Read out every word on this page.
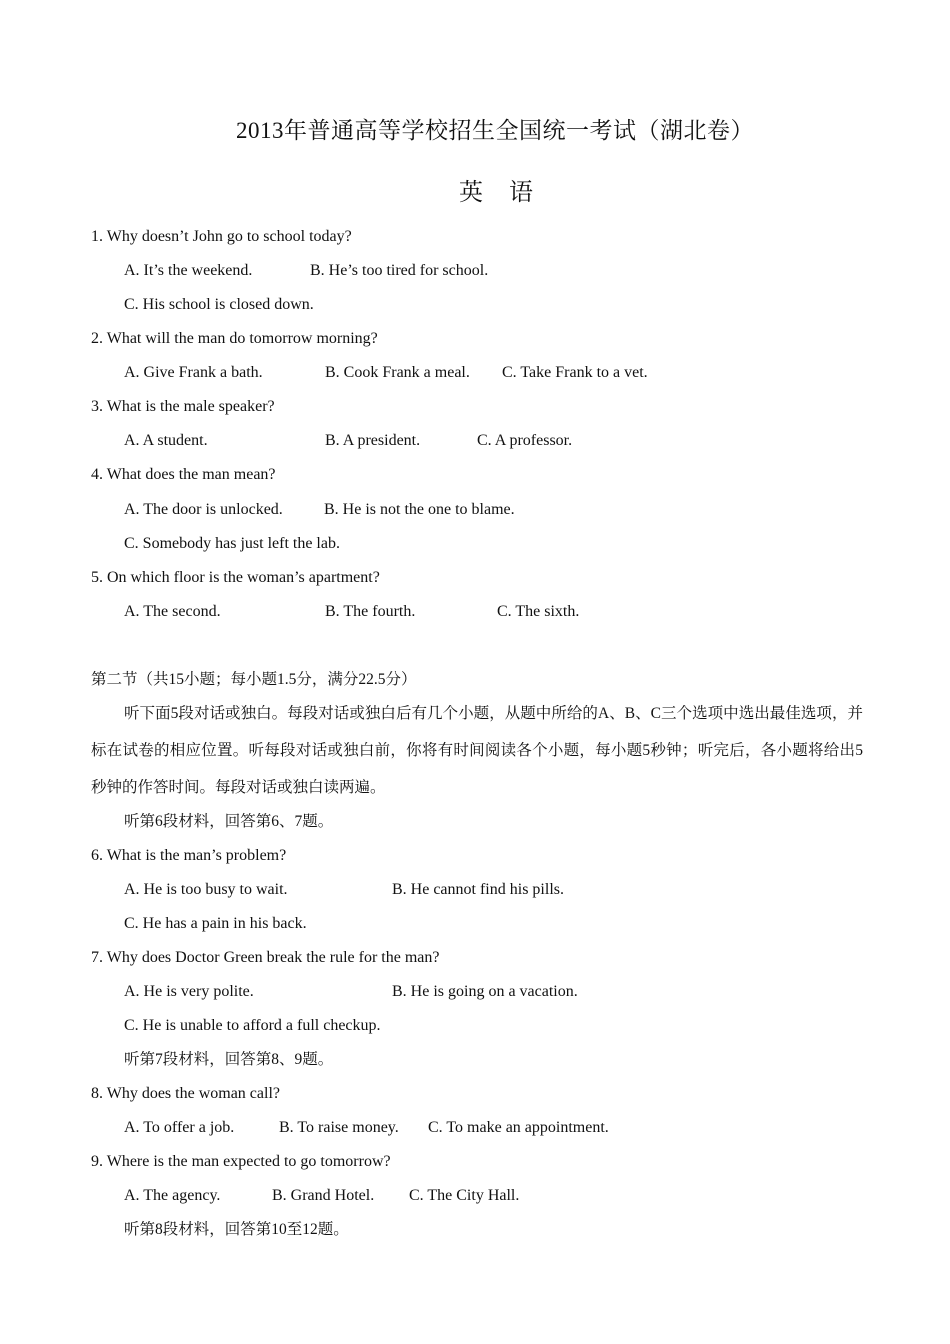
2013年普通高等学校招生全国统一考试（湖北卷）
英 语
1. Why doesn’t John go to school today?
A. It’s the weekend.	B. He’s too tired for school.
C. His school is closed down.
2. What will the man do tomorrow morning?
A. Give Frank a bath.	B. Cook Frank a meal. C. Take Frank to a vet.
3. What is the male speaker?
A. A student.	B. A president.	C. A professor.
4. What does the man mean?
A. The door is unlocked.	B. He is not the one to blame.
C. Somebody has just left the lab.
5. On which floor is the woman’s apartment?
A. The second.	B. The fourth.	C. The sixth.
第二节（共15小题；每小题1.5分，满分22.5分）
听下面5段对话或独白。每段对话或独白后有几个小题，从题中所给的A、B、C三个选项中选出最佳选项，并标在试卷的相应位置。听每段对话或独白前，你将有时间阅读各个小题，每小题5秒钟；听完后，各小题将给出5秒钟的作答时间。每段对话或独白读两遍。
听第6段材料，回答第6、7题。
6. What is the man’s problem?
A. He is too busy to wait.	B. He cannot find his pills.
C. He has a pain in his back.
7. Why does Doctor Green break the rule for the man?
A. He is very polite.	B. He is going on a vacation.
C. He is unable to afford a full checkup.
听第7段材料，回答第8、9题。
8. Why does the woman call?
A. To offer a job.	B. To raise money. C. To make an appointment.
9. Where is the man expected to go tomorrow?
A. The agency.	B. Grand Hotel. C. The City Hall.
听第8段材料，回答第10至12题。
